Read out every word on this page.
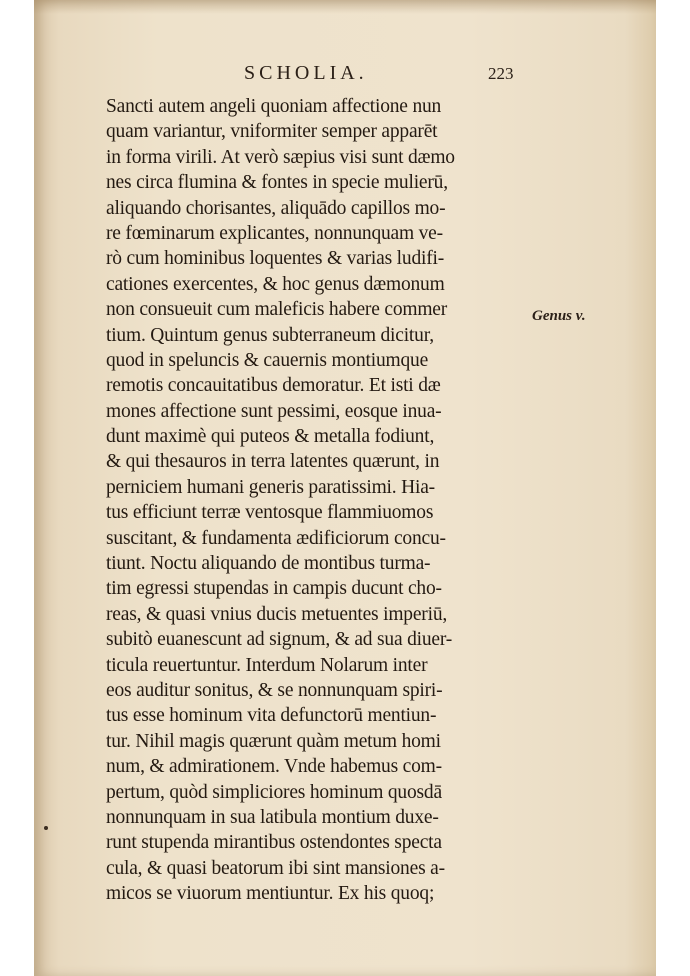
SCHOLIA.	223
Sancti autem angeli quoniam affectione nun
quam variantur, vniformiter semper apparēt
in forma virili. At verò sæpius visi sunt dæmo
nes circa flumina & fontes in specie mulierū,
aliquando chorisantes, aliquādo capillos mo-
re fœminarum explicantes, nonnunquam ve-
rò cum hominibus loquentes & varias ludifi-
cationes exercentes, & hoc genus dæmonum
non consueuit cum maleficis habere commer
tium. Quintum genus subterraneum dicitur,
quod in speluncis & cauernis montiumque
remotis concauitatibus demoratur. Et isti dæ
mones affectione sunt pessimi, eosque inua-
dunt maximè qui puteos & metalla fodiunt,
& qui thesauros in terra latentes quærunt, in
perniciem humani generis paratissimi. Hia-
tus efficiunt terræ ventosque flammiuomos
suscitant, & fundamenta ædificiorum concu-
tiunt. Noctu aliquando de montibus turma-
tim egressi stupendas in campis ducunt cho-
reas, & quasi vnius ducis metuentes imperiū,
subitò euanescunt ad signum, & ad sua diuer-
ticula reuertuntur. Interdum Nolarum inter
eos auditur sonitus, & se nonnunquam spiri-
tus esse hominum vita defunctorū mentiun-
tur. Nihil magis quærunt quàm metum homi
num, & admirationem. Vnde habemus com-
pertum, quòd simpliciores hominum quosdā
nonnunquam in sua latibula montium duxe-
runt stupenda mirantibus ostendontes specta
cula, & quasi beatorum ibi sint mansiones a-
micos se viuorum mentiuntur. Ex his quoq;
Genus v.
